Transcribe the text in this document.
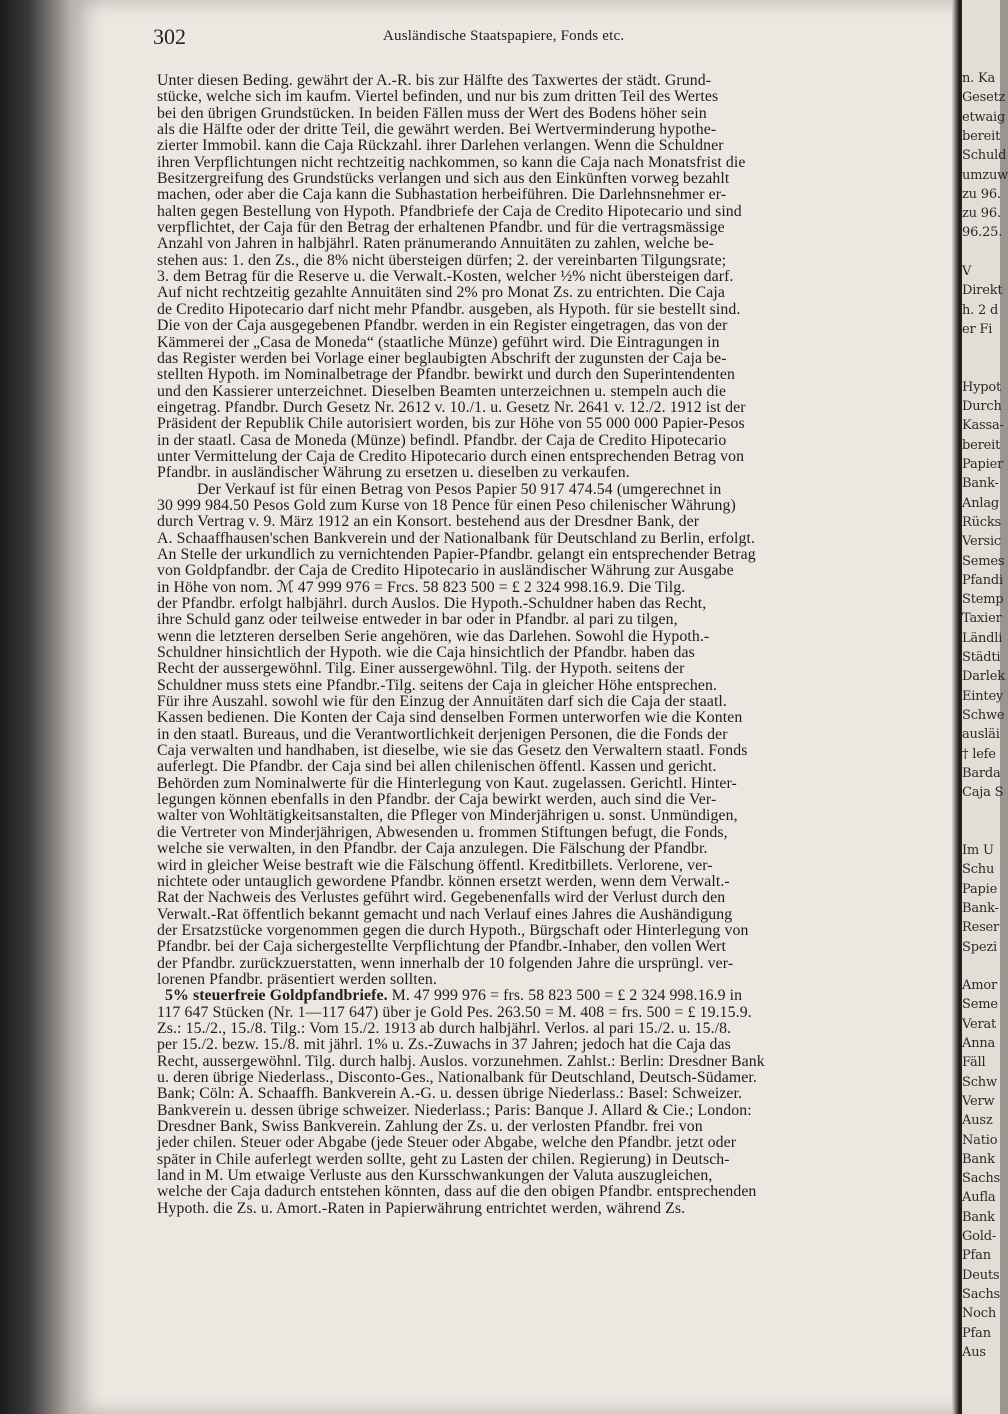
n. Ka
Gesetz
etwaig
bereit
Schuld
umzuw
zu 96.
zu 96.
96.25.
V
Direkt
h. 2 d
er Fi
Hypot
Durch
Kassa-
bereit
Papier
Bank-
Anlag
Rücks
Versic
Semes
Pfandi
Stemp
Taxier
Ländli
Städti
Darlek
Eintey
Schwe
ausläi
† lefe
Barda
Caja S
Im U
Schu
Papie
Bank-
Reser
Spezi
Amor
Seme
Verat
Anna
Fäll
Schw
Verw
Ausz
Natio
Bank
Sachs
Aufla
Bank
Gold-
Pfan
Deuts
Sachs
Noch
Pfan
Aus
302	Ausländische Staatspapiere, Fonds etc.
Unter diesen Beding. gewährt der A.-R. bis zur Hälfte des Taxwertes der städt. Grund-
stücke, welche sich im kaufm. Viertel befinden, und nur bis zum dritten Teil des Wertes
bei den übrigen Grundstücken. In beiden Fällen muss der Wert des Bodens höher sein
als die Hälfte oder der dritte Teil, die gewährt werden. Bei Wertverminderung hypothe-
zierter Immobil. kann die Caja Rückzahl. ihrer Darlehen verlangen. Wenn die Schuldner
ihren Verpflichtungen nicht rechtzeitig nachkommen, so kann die Caja nach Monatsfrist die
Besitzergreifung des Grundstücks verlangen und sich aus den Einkünften vorweg bezahlt
machen, oder aber die Caja kann die Subhastation herbeiführen. Die Darlehnsnehmer er-
halten gegen Bestellung von Hypoth. Pfandbriefe der Caja de Credito Hipotecario und sind
verpflichtet, der Caja für den Betrag der erhaltenen Pfandbr. und für die vertragsmässige
Anzahl von Jahren in halbjährl. Raten pränumerando Annuitäten zu zahlen, welche be-
stehen aus: 1. den Zs., die 8% nicht übersteigen dürfen; 2. der vereinbarten Tilgungsrate;
3. dem Betrag für die Reserve u. die Verwalt.-Kosten, welcher ½% nicht übersteigen darf.
Auf nicht rechtzeitig gezahlte Annuitäten sind 2% pro Monat Zs. zu entrichten. Die Caja
de Credito Hipotecario darf nicht mehr Pfandbr. ausgeben, als Hypoth. für sie bestellt sind.
Die von der Caja ausgegebenen Pfandbr. werden in ein Register eingetragen, das von der
Kämmerei der „Casa de Moneda“ (staatliche Münze) geführt wird. Die Eintragungen in
das Register werden bei Vorlage einer beglaubigten Abschrift der zugunsten der Caja be-
stellten Hypoth. im Nominalbetrage der Pfandbr. bewirkt und durch den Superintendenten
und den Kassierer unterzeichnet. Dieselben Beamten unterzeichnen u. stempeln auch die
eingetrag. Pfandbr. Durch Gesetz Nr. 2612 v. 10./1. u. Gesetz Nr. 2641 v. 12./2. 1912 ist der
Präsident der Republik Chile autorisiert worden, bis zur Höhe von 55 000 000 Papier-Pesos
in der staatl. Casa de Moneda (Münze) befindl. Pfandbr. der Caja de Credito Hipotecario
unter Vermittelung der Caja de Credito Hipotecario durch einen entsprechenden Betrag von
Pfandbr. in ausländischer Währung zu ersetzen u. dieselben zu verkaufen.
Der Verkauf ist für einen Betrag von Pesos Papier 50 917 474.54 (umgerechnet in
30 999 984.50 Pesos Gold zum Kurse von 18 Pence für einen Peso chilenischer Währung)
durch Vertrag v. 9. März 1912 an ein Konsort. bestehend aus der Dresdner Bank, der
A. Schaaffhausen'schen Bankverein und der Nationalbank für Deutschland zu Berlin, erfolgt.
An Stelle der urkundlich zu vernichtenden Papier-Pfandbr. gelangt ein entsprechender Betrag
von Goldpfandbr. der Caja de Credito Hipotecario in ausländischer Währung zur Ausgabe
in Höhe von nom. ℳ 47 999 976 = Frcs. 58 823 500 = £ 2 324 998.16.9. Die Tilg.
der Pfandbr. erfolgt halbjährl. durch Auslos. Die Hypoth.-Schuldner haben das Recht,
ihre Schuld ganz oder teilweise entweder in bar oder in Pfandbr. al pari zu tilgen,
wenn die letzteren derselben Serie angehören, wie das Darlehen. Sowohl die Hypoth.-
Schuldner hinsichtlich der Hypoth. wie die Caja hinsichtlich der Pfandbr. haben das
Recht der aussergewöhnl. Tilg. Einer aussergewöhnl. Tilg. der Hypoth. seitens der
Schuldner muss stets eine Pfandbr.-Tilg. seitens der Caja in gleicher Höhe entsprechen.
Für ihre Auszahl. sowohl wie für den Einzug der Annuitäten darf sich die Caja der staatl.
Kassen bedienen. Die Konten der Caja sind denselben Formen unterworfen wie die Konten
in den staatl. Bureaus, und die Verantwortlichkeit derjenigen Personen, die die Fonds der
Caja verwalten und handhaben, ist dieselbe, wie sie das Gesetz den Verwaltern staatl. Fonds
auferlegt. Die Pfandbr. der Caja sind bei allen chilenischen öffentl. Kassen und gericht.
Behörden zum Nominalwerte für die Hinterlegung von Kaut. zugelassen. Gerichtl. Hinter-
legungen können ebenfalls in den Pfandbr. der Caja bewirkt werden, auch sind die Ver-
walter von Wohltätigkeitsanstalten, die Pfleger von Minderjährigen u. sonst. Unmündigen,
die Vertreter von Minderjährigen, Abwesenden u. frommen Stiftungen befugt, die Fonds,
welche sie verwalten, in den Pfandbr. der Caja anzulegen. Die Fälschung der Pfandbr.
wird in gleicher Weise bestraft wie die Fälschung öffentl. Kreditbillets. Verlorene, ver-
nichtete oder untauglich gewordene Pfandbr. können ersetzt werden, wenn dem Verwalt.-
Rat der Nachweis des Verlustes geführt wird. Gegebenenfalls wird der Verlust durch den
Verwalt.-Rat öffentlich bekannt gemacht und nach Verlauf eines Jahres die Aushändigung
der Ersatzstücke vorgenommen gegen die durch Hypoth., Bürgschaft oder Hinterlegung von
Pfandbr. bei der Caja sichergestellte Verpflichtung der Pfandbr.-Inhaber, den vollen Wert
der Pfandbr. zurückzuerstatten, wenn innerhalb der 10 folgenden Jahre die ursprüngl. ver-
lorenen Pfandbr. präsentiert werden sollten.
5% steuerfreie Goldpfandbriefe. M. 47 999 976 = frs. 58 823 500 = £ 2 324 998.16.9 in
117 647 Stücken (Nr. 1—117 647) über je Gold Pes. 263.50 = M. 408 = frs. 500 = £ 19.15.9.
Zs.: 15./2., 15./8. Tilg.: Vom 15./2. 1913 ab durch halbjährl. Verlos. al pari 15./2. u. 15./8.
per 15./2. bezw. 15./8. mit jährl. 1% u. Zs.-Zuwachs in 37 Jahren; jedoch hat die Caja das
Recht, aussergewöhnl. Tilg. durch halbj. Auslos. vorzunehmen. Zahlst.: Berlin: Dresdner Bank
u. deren übrige Niederlass., Disconto-Ges., Nationalbank für Deutschland, Deutsch-Südamer.
Bank; Cöln: A. Schaaffh. Bankverein A.-G. u. dessen übrige Niederlass.: Basel: Schweizer.
Bankverein u. dessen übrige schweizer. Niederlass.; Paris: Banque J. Allard & Cie.; London:
Dresdner Bank, Swiss Bankverein. Zahlung der Zs. u. der verlosten Pfandbr. frei von
jeder chilen. Steuer oder Abgabe (jede Steuer oder Abgabe, welche den Pfandbr. jetzt oder
später in Chile auferlegt werden sollte, geht zu Lasten der chilen. Regierung) in Deutsch-
land in M. Um etwaige Verluste aus den Kursschwankungen der Valuta auszugleichen,
welche der Caja dadurch entstehen könnten, dass auf die den obigen Pfandbr. entsprechenden
Hypoth. die Zs. u. Amort.-Raten in Papierwährung entrichtet werden, während Zs.
